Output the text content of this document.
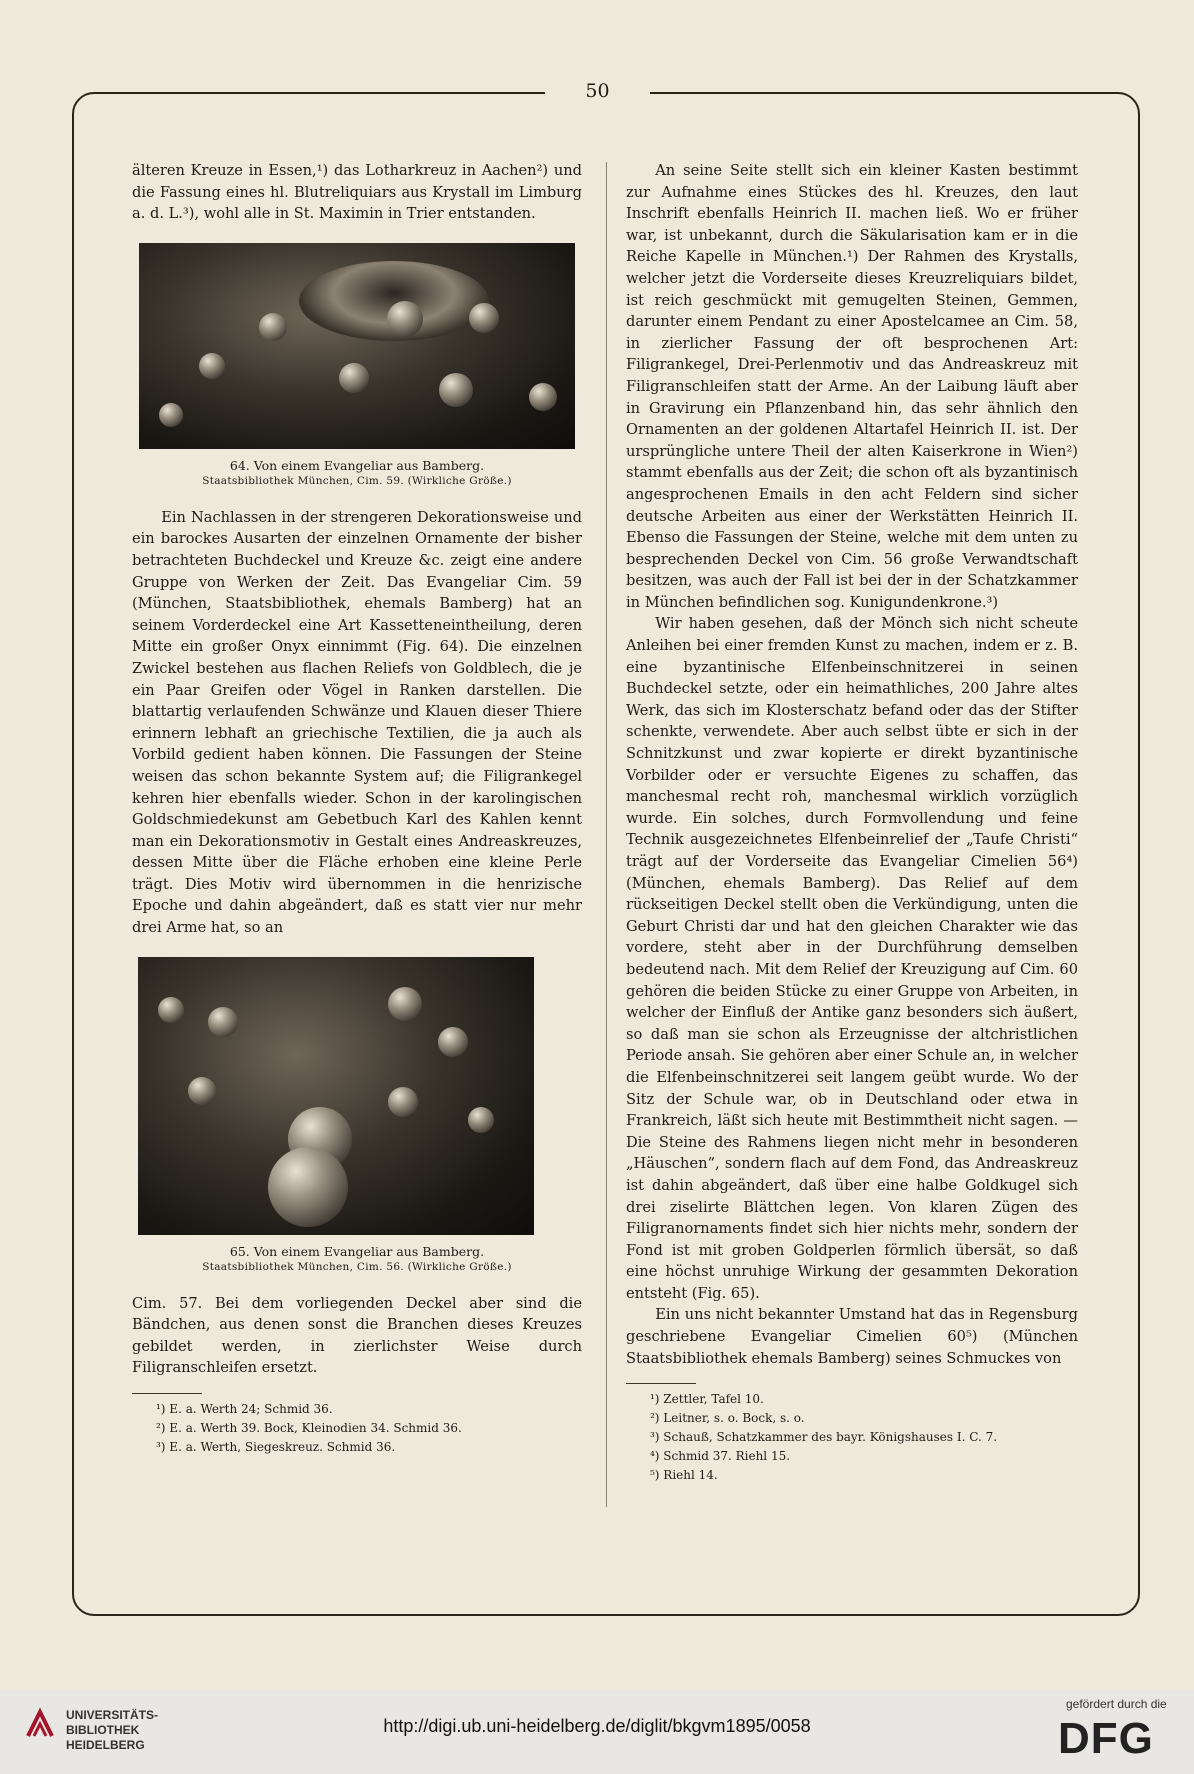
50

älteren Kreuze in Essen,¹) das Lotharkreuz in Aachen²) und die Fassung eines hl. Blutreliquiars aus Krystall im Limburg a. d. L.³), wohl alle in St. Maximin in Trier entstanden.

64. Von einem Evangeliar aus Bamberg.
Staatsbibliothek München, Cim. 59. (Wirkliche Größe.)

Ein Nachlassen in der strengeren Dekorationsweise und ein barockes Ausarten der einzelnen Ornamente der bisher betrachteten Buchdeckel und Kreuze &c. zeigt eine andere Gruppe von Werken der Zeit. Das Evangeliar Cim. 59 (München, Staatsbibliothek, ehemals Bamberg) hat an seinem Vorderdeckel eine Art Kassetteneintheilung, deren Mitte ein großer Onyx einnimmt (Fig. 64). Die einzelnen Zwickel bestehen aus flachen Reliefs von Goldblech, die je ein Paar Greifen oder Vögel in Ranken darstellen. Die blattartig verlaufenden Schwänze und Klauen dieser Thiere erinnern lebhaft an griechische Textilien, die ja auch als Vorbild gedient haben können. Die Fassungen der Steine weisen das schon bekannte System auf; die Filigrankegel kehren hier ebenfalls wieder. Schon in der karolingischen Goldschmiedekunst am Gebetbuch Karl des Kahlen kennt man ein Dekorationsmotiv in Gestalt eines Andreaskreuzes, dessen Mitte über die Fläche erhoben eine kleine Perle trägt. Dies Motiv wird übernommen in die henrizische Epoche und dahin abgeändert, daß es statt vier nur mehr drei Arme hat, so an

65. Von einem Evangeliar aus Bamberg.
Staatsbibliothek München, Cim. 56. (Wirkliche Größe.)

Cim. 57. Bei dem vorliegenden Deckel aber sind die Bändchen, aus denen sonst die Branchen dieses Kreuzes gebildet werden, in zierlichster Weise durch Filigranschleifen ersetzt.

¹) E. a. Werth 24; Schmid 36.
²) E. a. Werth 39. Bock, Kleinodien 34. Schmid 36.
³) E. a. Werth, Siegeskreuz. Schmid 36.

An seine Seite stellt sich ein kleiner Kasten bestimmt zur Aufnahme eines Stückes des hl. Kreuzes, den laut Inschrift ebenfalls Heinrich II. machen ließ. Wo er früher war, ist unbekannt, durch die Säkularisation kam er in die Reiche Kapelle in München.¹) Der Rahmen des Krystalls, welcher jetzt die Vorderseite dieses Kreuzreliquiars bildet, ist reich geschmückt mit gemugelten Steinen, Gemmen, darunter einem Pendant zu einer Apostelcamee an Cim. 58, in zierlicher Fassung der oft besprochenen Art: Filigrankegel, Drei-Perlenmotiv und das Andreaskreuz mit Filigranschleifen statt der Arme. An der Laibung läuft aber in Gravirung ein Pflanzenband hin, das sehr ähnlich den Ornamenten an der goldenen Altartafel Heinrich II. ist. Der ursprüngliche untere Theil der alten Kaiserkrone in Wien²) stammt ebenfalls aus der Zeit; die schon oft als byzantinisch angesprochenen Emails in den acht Feldern sind sicher deutsche Arbeiten aus einer der Werkstätten Heinrich II. Ebenso die Fassungen der Steine, welche mit dem unten zu besprechenden Deckel von Cim. 56 große Verwandtschaft besitzen, was auch der Fall ist bei der in der Schatzkammer in München befindlichen sog. Kunigundenkrone.³)

Wir haben gesehen, daß der Mönch sich nicht scheute Anleihen bei einer fremden Kunst zu machen, indem er z. B. eine byzantinische Elfenbeinschnitzerei in seinen Buchdeckel setzte, oder ein heimathliches, 200 Jahre altes Werk, das sich im Klosterschatz befand oder das der Stifter schenkte, verwendete. Aber auch selbst übte er sich in der Schnitzkunst und zwar kopierte er direkt byzantinische Vorbilder oder er versuchte Eigenes zu schaffen, das manchesmal recht roh, manchesmal wirklich vorzüglich wurde. Ein solches, durch Formvollendung und feine Technik ausgezeichnetes Elfenbeinrelief der „Taufe Christi“ trägt auf der Vorderseite das Evangeliar Cimelien 56⁴) (München, ehemals Bamberg). Das Relief auf dem rückseitigen Deckel stellt oben die Verkündigung, unten die Geburt Christi dar und hat den gleichen Charakter wie das vordere, steht aber in der Durchführung demselben bedeutend nach. Mit dem Relief der Kreuzigung auf Cim. 60 gehören die beiden Stücke zu einer Gruppe von Arbeiten, in welcher der Einfluß der Antike ganz besonders sich äußert, so daß man sie schon als Erzeugnisse der altchristlichen Periode ansah. Sie gehören aber einer Schule an, in welcher die Elfenbeinschnitzerei seit langem geübt wurde. Wo der Sitz der Schule war, ob in Deutschland oder etwa in Frankreich, läßt sich heute mit Bestimmtheit nicht sagen. — Die Steine des Rahmens liegen nicht mehr in besonderen „Häuschen“, sondern flach auf dem Fond, das Andreaskreuz ist dahin abgeändert, daß über eine halbe Goldkugel sich drei ziselirte Blättchen legen. Von klaren Zügen des Filigranornaments findet sich hier nichts mehr, sondern der Fond ist mit groben Goldperlen förmlich übersät, so daß eine höchst unruhige Wirkung der gesammten Dekoration entsteht (Fig. 65).

Ein uns nicht bekannter Umstand hat das in Regensburg geschriebene Evangeliar Cimelien 60⁵) (München Staatsbibliothek ehemals Bamberg) seines Schmuckes von

¹) Zettler, Tafel 10.
²) Leitner, s. o. Bock, s. o.
³) Schauß, Schatzkammer des bayr. Königshauses I. C. 7.
⁴) Schmid 37. Riehl 15.
⁵) Riehl 14.
UNIVERSITÄTS-
BIBLIOTHEK
HEIDELBERG
http://digi.ub.uni-heidelberg.de/diglit/bkgvm1895/0058
gefördert durch die
DFG
